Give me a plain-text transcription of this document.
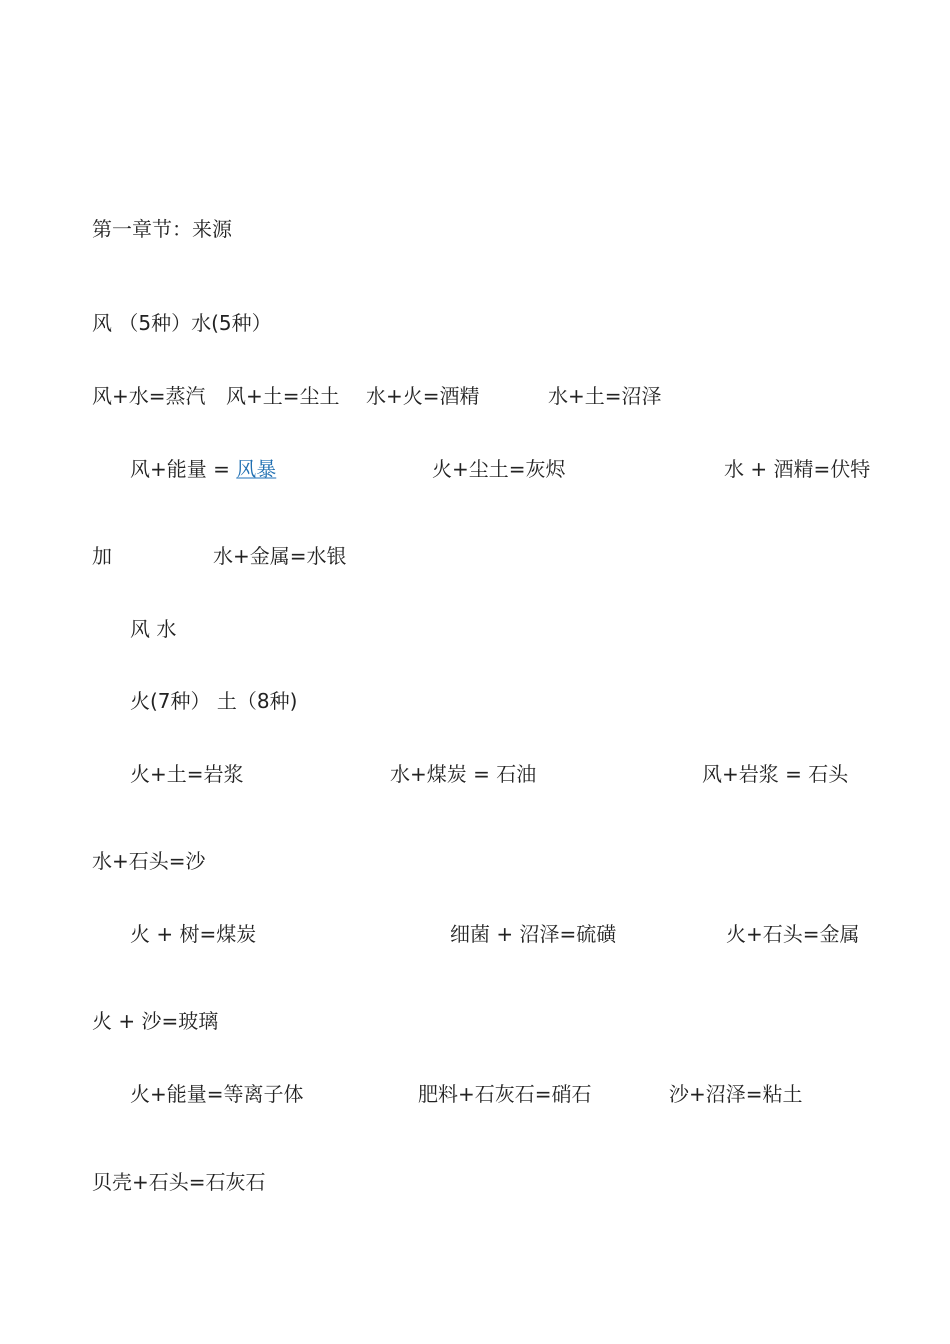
第一章节：来源
风 （5种）水(5种）
风+水=蒸汽 风+土=尘土 水+火=酒精	水+土=沼泽
风+能量 = 风暴	火+尘土=灰烬	水 + 酒精=伏特
加	水+金属=水银
风 水
火(7种） 土（8种)
火+土=岩浆	水+煤炭 = 石油	风+岩浆 = 石头
水+石头=沙
火 + 树=煤炭	细菌 + 沼泽=硫磺	火+石头=金属
火 + 沙=玻璃
火+能量=等离子体	肥料+石灰石=硝石	沙+沼泽=粘土
贝壳+石头=石灰石
